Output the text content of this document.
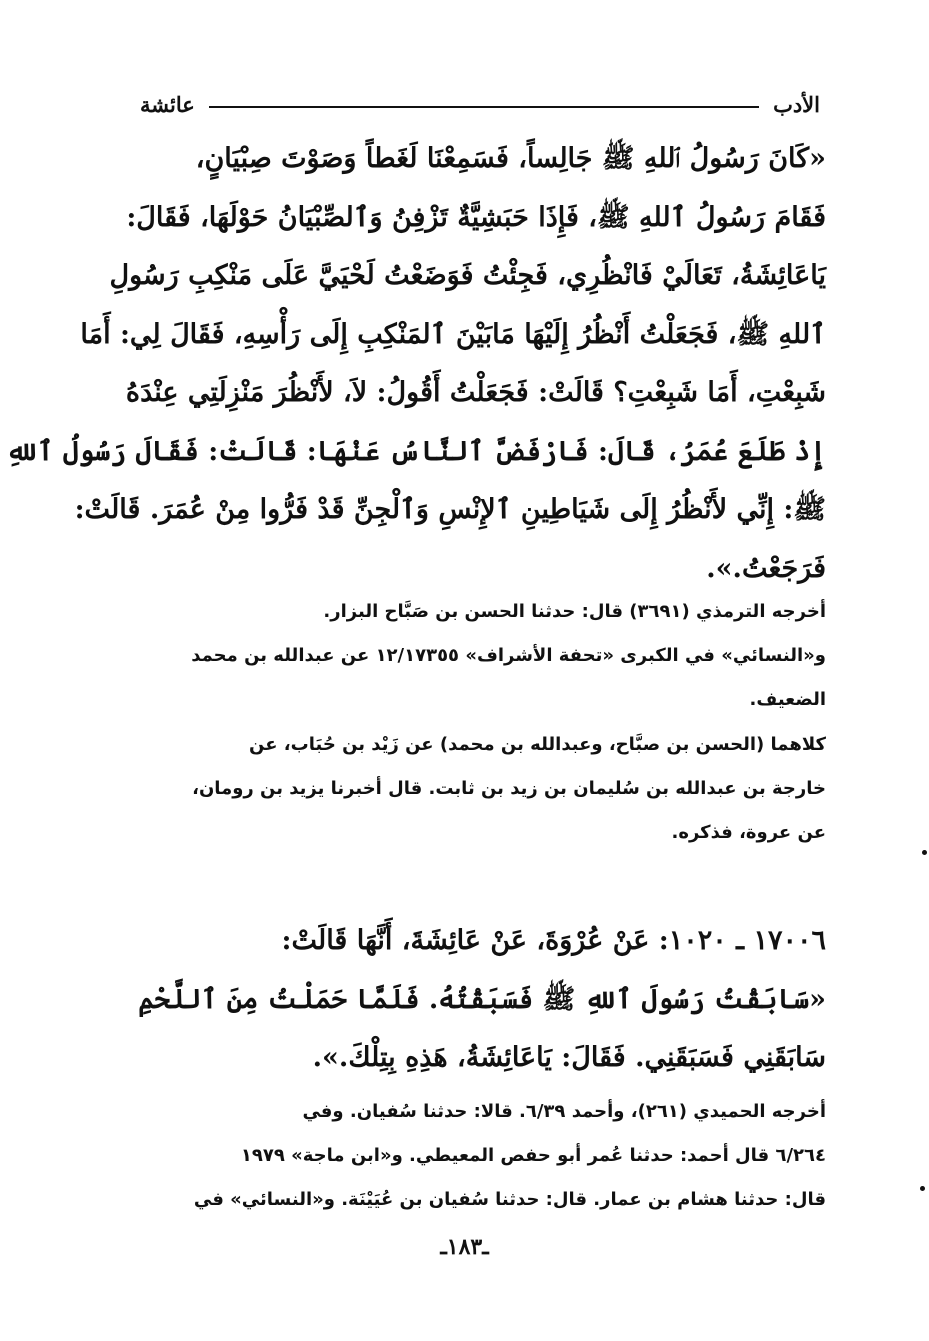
الأدب
عائشة
«كَانَ رَسُولُ ٱللهِ ﷺ جَالِساً، فَسَمِعْنَا لَغَطاً وَصَوْتَ صِبْيَانٍ،
فَقَامَ رَسُولُ ٱللهِ ﷺ، فَإِذَا حَبَشِيَّةٌ تَزْفِنُ وَٱلصِّبْيَانُ حَوْلَهَا، فَقَالَ:
يَاعَائِشَةُ، تَعَالَيْ فَانْظُرِي، فَجِئْتُ فَوَضَعْتُ لَحْيَيَّ عَلَى مَنْكِبِ رَسُولِ
ٱللهِ ﷺ، فَجَعَلْتُ أَنْظُرُ إِلَيْهَا مَابَيْنَ ٱلمَنْكِبِ إِلَى رَأْسِهِ، فَقَالَ لِي: أَمَا
شَبِعْتِ، أَمَا شَبِعْتِ؟ قَالَتْ: فَجَعَلْتُ أَقُولُ: لاَ، لأَنْظُرَ مَنْزِلَتِي عِنْدَهُ
إِذْ طَلَعَ عُمَرُ، قَالَ: فَارْفَضَّ ٱلنَّاسُ عَنْهَا: قَالَتْ: فَقَالَ رَسُولُ ٱللهِ
ﷺ: إِنِّي لأَنْظُرُ إِلَى شَيَاطِينِ ٱلإِنْسِ وَٱلْجِنِّ قَدْ فَرُّوا مِنْ عُمَرَ. قَالَتْ:
فَرَجَعْتُ.».
أخرجه الترمذي (٣٦٩١) قال: حدثنا الحسن بن صَبَّاح البزار.
و«النسائي» في الكبرى «تحفة الأشراف» ١٢/١٧٣٥٥ عن عبدالله بن محمد
الضعيف.
كلاهما (الحسن بن صبَّاح، وعبدالله بن محمد) عن زَيْد بن حُبَاب، عن
خارجة بن عبدالله بن سُليمان بن زيد بن ثابت. قال أخبرنا يزيد بن رومان،
عن عروة، فذكره.
١٧٠٠٦ ـ ١٠٢٠: عَنْ عُرْوَةَ، عَنْ عَائِشَةَ، أَنَّهَا قَالَتْ:
«سَابَقْتُ رَسُولَ ٱللهِ ﷺ فَسَبَقْتُهُ. فَلَمَّا حَمَلْتُ مِنَ ٱللَّحْمِ
سَابَقَنِي فَسَبَقَنِي. فَقَالَ: يَاعَائِشَةُ، هَذِهِ بِتِلْكَ.».
أخرجه الحميدي (٢٦١)، وأحمد ٦/٣٩. قالا: حدثنا سُفيان. وفي
٦/٢٦٤ قال أحمد: حدثنا عُمر أبو حفص المعيطي. و«ابن ماجة» ١٩٧٩
قال: حدثنا هشام بن عمار. قال: حدثنا سُفيان بن عُيَيْنَة. و«النسائي» في
ـ١٨٣ـ
